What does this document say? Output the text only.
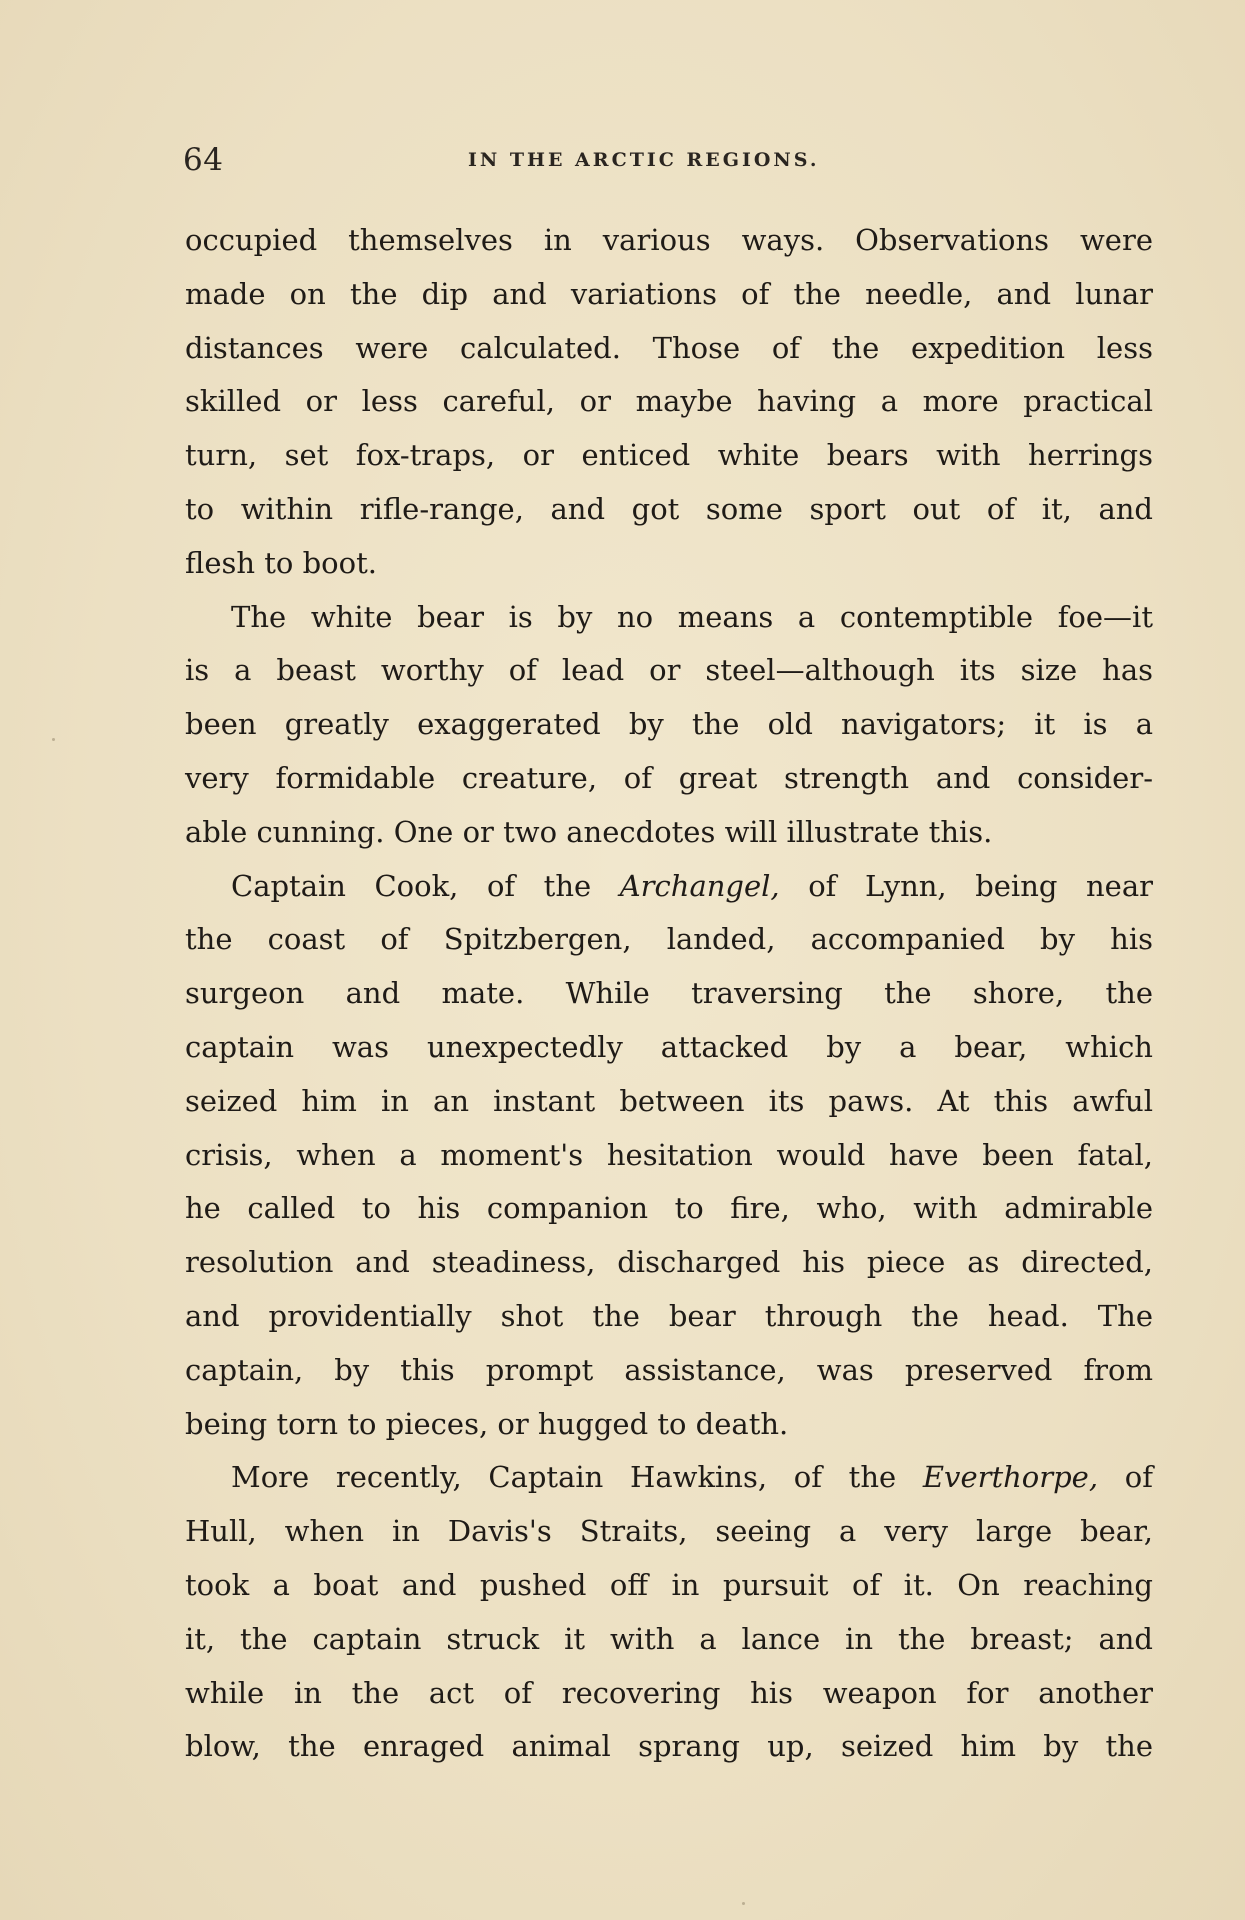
64	IN THE ARCTIC REGIONS.
occupied themselves in various ways. Observations were
made on the dip and variations of the needle, and lunar
distances were calculated. Those of the expedition less
skilled or less careful, or maybe having a more practical
turn, set fox-traps, or enticed white bears with herrings
to within rifle-range, and got some sport out of it, and
flesh to boot.
The white bear is by no means a contemptible foe—it
is a beast worthy of lead or steel—although its size has
been greatly exaggerated by the old navigators; it is a
very formidable creature, of great strength and consider-
able cunning. One or two anecdotes will illustrate this.
Captain Cook, of the Archangel, of Lynn, being near
the coast of Spitzbergen, landed, accompanied by his
surgeon and mate. While traversing the shore, the
captain was unexpectedly attacked by a bear, which
seized him in an instant between its paws. At this awful
crisis, when a moment's hesitation would have been fatal,
he called to his companion to fire, who, with admirable
resolution and steadiness, discharged his piece as directed,
and providentially shot the bear through the head. The
captain, by this prompt assistance, was preserved from
being torn to pieces, or hugged to death.
More recently, Captain Hawkins, of the Everthorpe, of
Hull, when in Davis's Straits, seeing a very large bear,
took a boat and pushed off in pursuit of it. On reaching
it, the captain struck it with a lance in the breast; and
while in the act of recovering his weapon for another
blow, the enraged animal sprang up, seized him by the
